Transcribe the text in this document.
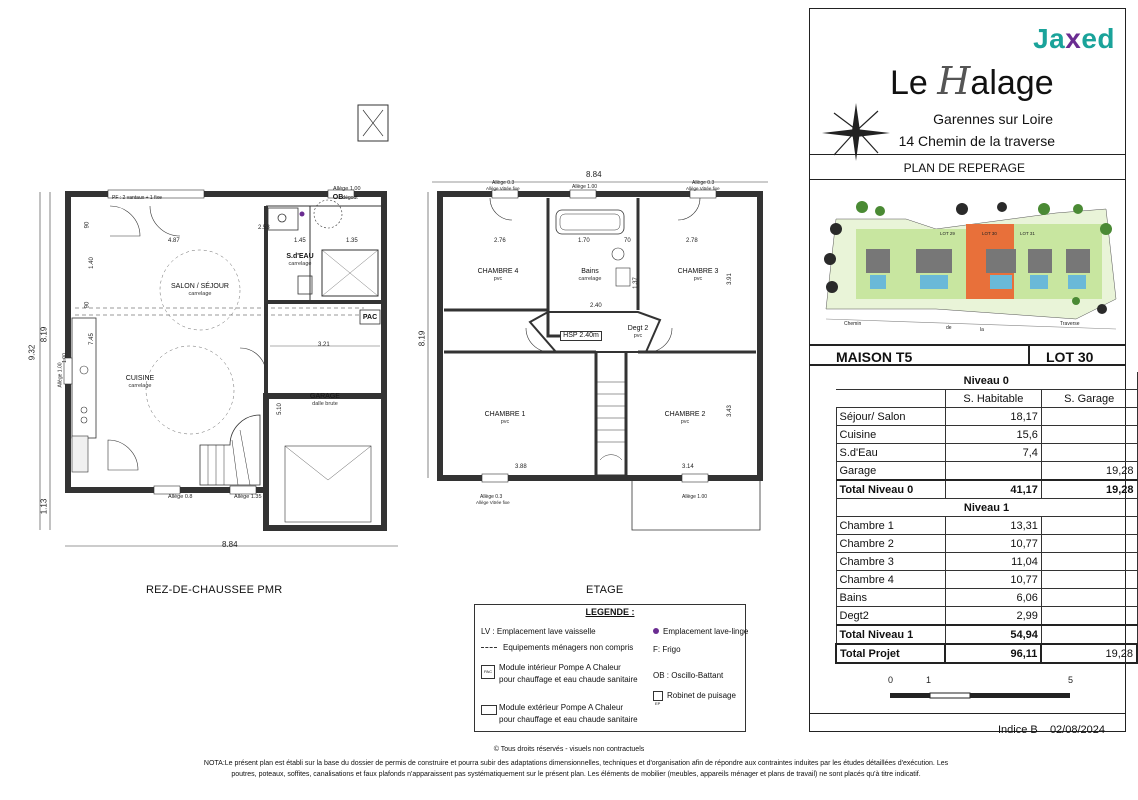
SALON / SÉJOUR
carrelage
S.d'EAU
carrelage
CUISINE
carrelage
GARAGE
dalle brute
PAC
OB dégout
8.84
9.32
8.19
1.13
4.87
1.40
1.45	1.35
3.21
7.45
5.10
90
90
2.53
1.00
PF : 2 vantaux + 1 fixe
Allège 1.00
Allège 0.8	Allège 1.35
Allège 1.00
REZ-DE-CHAUSSEE PMR
CHAMBRE 4
pvc
Bains
carrelage
CHAMBRE 3
pvc
Degt 2
pvc
HSP 2.40m
CHAMBRE 1
pvc
CHAMBRE 2
pvc
8.84
8.19
2.76	1.70	2.78
2.40
3.88	3.14
3.91
3.43
1.37
70
Allège 0.3
Allège Vitrée fixe	Allège 1.00
Allège 0.3
Allège Vitrée fixe
Allège 0.3
Allège Vitrée fixe
Allège 1.00
ETAGE
LEGENDE :
LV : Emplacement lave vaisselle
Equipements ménagers non compris
Emplacement lave-linge
F: Frigo
PAC Module intérieur Pompe A Chaleur
pour chauffage et eau chaude sanitaire OB : Oscillo-Battant
Robinet de puisage
EP
Module extérieur Pompe A Chaleur
pour chauffage et eau chaude sanitaire
Jaxed
Le Halage
Garennes sur Loire
14 Chemin de la traverse
PLAN DE REPERAGE
LOT 29	LOT 30	LOT 31
Chemin
de	la
Traverse
MAISON T5	LOT 30
0	1	5
Indice B 02/08/2024
Niveau 0		
	S. Habitable	S. Garage
Séjour/ Salon	18,17	
Cuisine	15,6	
S.d'Eau	7,4	
Garage		19,28
Total Niveau 0	41,17	19,28
Niveau 1		
Chambre 1	13,31	
Chambre 2	10,77	
Chambre 3	11,04	
Chambre 4	10,77	
Bains	6,06	
Degt2	2,99	
Total Niveau 1	54,94	
Total Projet	96,11	19,28
© Tous droits réservés - visuels non contractuels
NOTA:Le présent plan est établi sur la base du dossier de permis de construire et pourra subir des adaptations dimensionnelles, techniques et d'organisation afin de répondre aux contraintes induites par les études détaillées d'exécution. Les poutres, poteaux, soffites, canalisations et faux plafonds n'apparaissent pas systématiquement sur le présent plan. Les éléments de mobilier (meubles, appareils ménager et plans de travail) ne sont placés qu'à titre indicatif.
